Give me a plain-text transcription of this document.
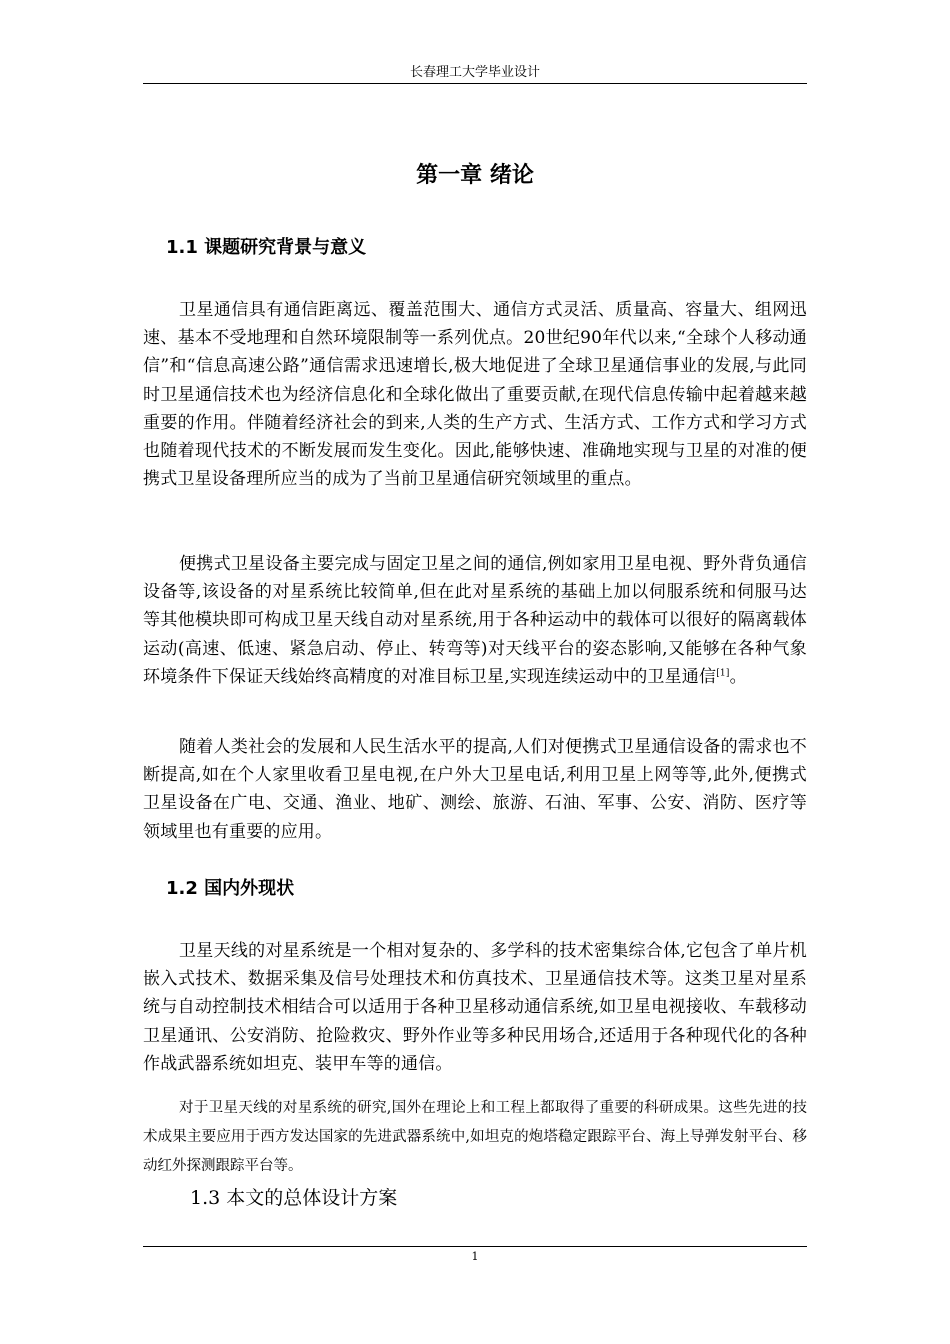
长春理工大学毕业设计
第一章 绪论
1.1 课题研究背景与意义

卫星通信具有通信距离远、覆盖范围大、通信方式灵活、质量高、容量大、组网迅速、基本不受地理和自然环境限制等一系列优点。20世纪90年代以来,“全球个人移动通信”和“信息高速公路”通信需求迅速增长,极大地促进了全球卫星通信事业的发展,与此同时卫星通信技术也为经济信息化和全球化做出了重要贡献,在现代信息传输中起着越来越重要的作用。伴随着经济社会的到来,人类的生产方式、生活方式、工作方式和学习方式也随着现代技术的不断发展而发生变化。因此,能够快速、准确地实现与卫星的对准的便携式卫星设备理所应当的成为了当前卫星通信研究领域里的重点。

便携式卫星设备主要完成与固定卫星之间的通信,例如家用卫星电视、野外背负通信设备等,该设备的对星系统比较简单,但在此对星系统的基础上加以伺服系统和伺服马达等其他模块即可构成卫星天线自动对星系统,用于各种运动中的载体可以很好的隔离载体运动(高速、低速、紧急启动、停止、转弯等)对天线平台的姿态影响,又能够在各种气象环境条件下保证天线始终高精度的对准目标卫星,实现连续运动中的卫星通信[1]。

随着人类社会的发展和人民生活水平的提高,人们对便携式卫星通信设备的需求也不断提高,如在个人家里收看卫星电视,在户外大卫星电话,利用卫星上网等等,此外,便携式卫星设备在广电、交通、渔业、地矿、测绘、旅游、石油、军事、公安、消防、医疗等领域里也有重要的应用。

1.2 国内外现状

卫星天线的对星系统是一个相对复杂的、多学科的技术密集综合体,它包含了单片机嵌入式技术、数据采集及信号处理技术和仿真技术、卫星通信技术等。这类卫星对星系统与自动控制技术相结合可以适用于各种卫星移动通信系统,如卫星电视接收、车载移动卫星通讯、公安消防、抢险救灾、野外作业等多种民用场合,还适用于各种现代化的各种作战武器系统如坦克、装甲车等的通信。

对于卫星天线的对星系统的研究,国外在理论上和工程上都取得了重要的科研成果。这些先进的技术成果主要应用于西方发达国家的先进武器系统中,如坦克的炮塔稳定跟踪平台、海上导弹发射平台、移动红外探测跟踪平台等。

1.3 本文的总体设计方案
1
